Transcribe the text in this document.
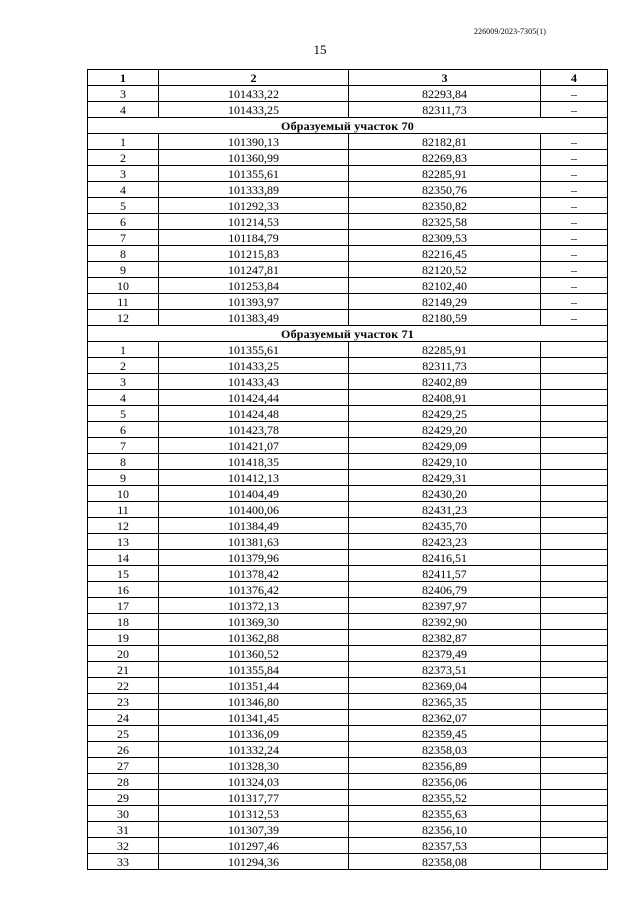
226009/2023-7305(1)
15
1	2	3	4
3	101433,22	82293,84	–
4	101433,25	82311,73	–
Образуемый участок 70			
1	101390,13	82182,81	–
2	101360,99	82269,83	–
3	101355,61	82285,91	–
4	101333,89	82350,76	–
5	101292,33	82350,82	–
6	101214,53	82325,58	–
7	101184,79	82309,53	–
8	101215,83	82216,45	–
9	101247,81	82120,52	–
10	101253,84	82102,40	–
11	101393,97	82149,29	–
12	101383,49	82180,59	–
Образуемый участок 71			
1	101355,61	82285,91	
2	101433,25	82311,73	
3	101433,43	82402,89	
4	101424,44	82408,91	
5	101424,48	82429,25	
6	101423,78	82429,20	
7	101421,07	82429,09	
8	101418,35	82429,10	
9	101412,13	82429,31	
10	101404,49	82430,20	
11	101400,06	82431,23	
12	101384,49	82435,70	
13	101381,63	82423,23	
14	101379,96	82416,51	
15	101378,42	82411,57	
16	101376,42	82406,79	
17	101372,13	82397,97	
18	101369,30	82392,90	
19	101362,88	82382,87	
20	101360,52	82379,49	
21	101355,84	82373,51	
22	101351,44	82369,04	
23	101346,80	82365,35	
24	101341,45	82362,07	
25	101336,09	82359,45	
26	101332,24	82358,03	
27	101328,30	82356,89	
28	101324,03	82356,06	
29	101317,77	82355,52	
30	101312,53	82355,63	
31	101307,39	82356,10	
32	101297,46	82357,53	
33	101294,36	82358,08	
